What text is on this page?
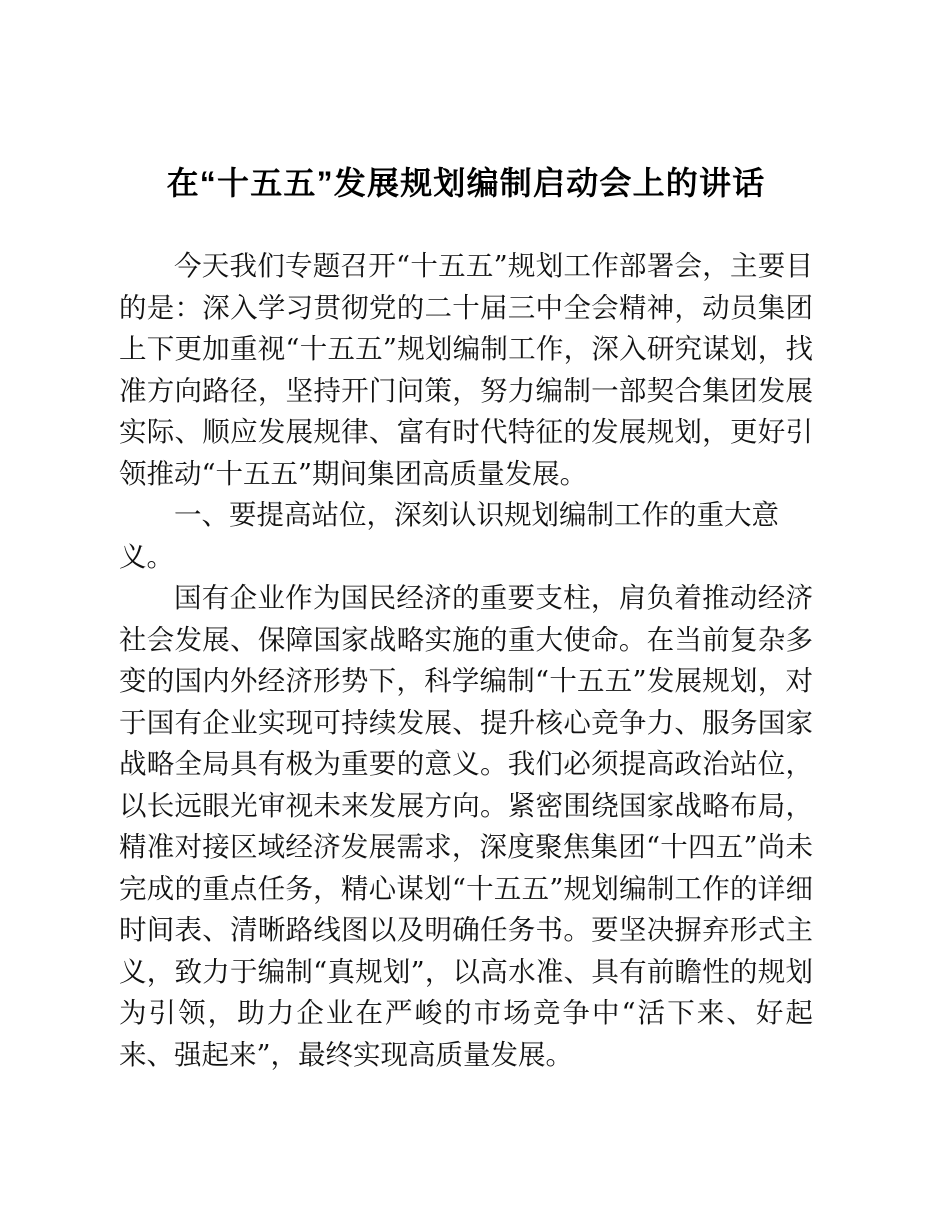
在“十五五”发展规划编制启动会上的讲话

今天我们专题召开“十五五”规划工作部署会，主要目的是：深入学习贯彻党的二十届三中全会精神，动员集团上下更加重视“十五五”规划编制工作，深入研究谋划，找准方向路径，坚持开门问策，努力编制一部契合集团发展实际、顺应发展规律、富有时代特征的发展规划，更好引领推动“十五五”期间集团高质量发展。

一、要提高站位，深刻认识规划编制工作的重大意义。

国有企业作为国民经济的重要支柱，肩负着推动经济社会发展、保障国家战略实施的重大使命。在当前复杂多变的国内外经济形势下，科学编制“十五五”发展规划，对于国有企业实现可持续发展、提升核心竞争力、服务国家战略全局具有极为重要的意义。我们必须提高政治站位，以长远眼光审视未来发展方向。紧密围绕国家战略布局，精准对接区域经济发展需求，深度聚焦集团“十四五”尚未完成的重点任务，精心谋划“十五五”规划编制工作的详细时间表、清晰路线图以及明确任务书。要坚决摒弃形式主义，致力于编制“真规划”，以高水准、具有前瞻性的规划为引领，助力企业在严峻的市场竞争中“活下来、好起来、强起来”，最终实现高质量发展。
